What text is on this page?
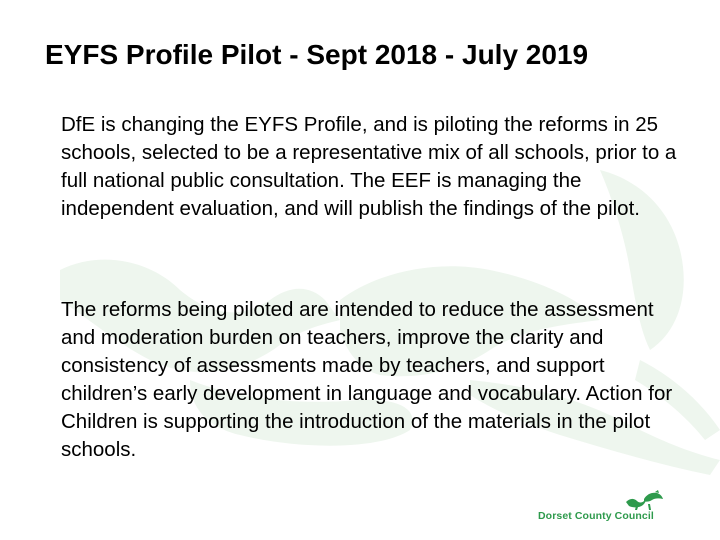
EYFS Profile Pilot - Sept 2018 - July 2019

DfE is changing the EYFS Profile, and is piloting the reforms in 25 schools, selected to be a representative mix of all schools, prior to a full national public consultation. The EEF is managing the independent evaluation, and will publish the findings of the pilot.

The reforms being piloted are intended to reduce the assessment and moderation burden on teachers, improve the clarity and consistency of assessments made by teachers, and support children’s early development in language and vocabulary. Action for Children is supporting the introduction of the materials in the pilot schools.

Dorset County Council
